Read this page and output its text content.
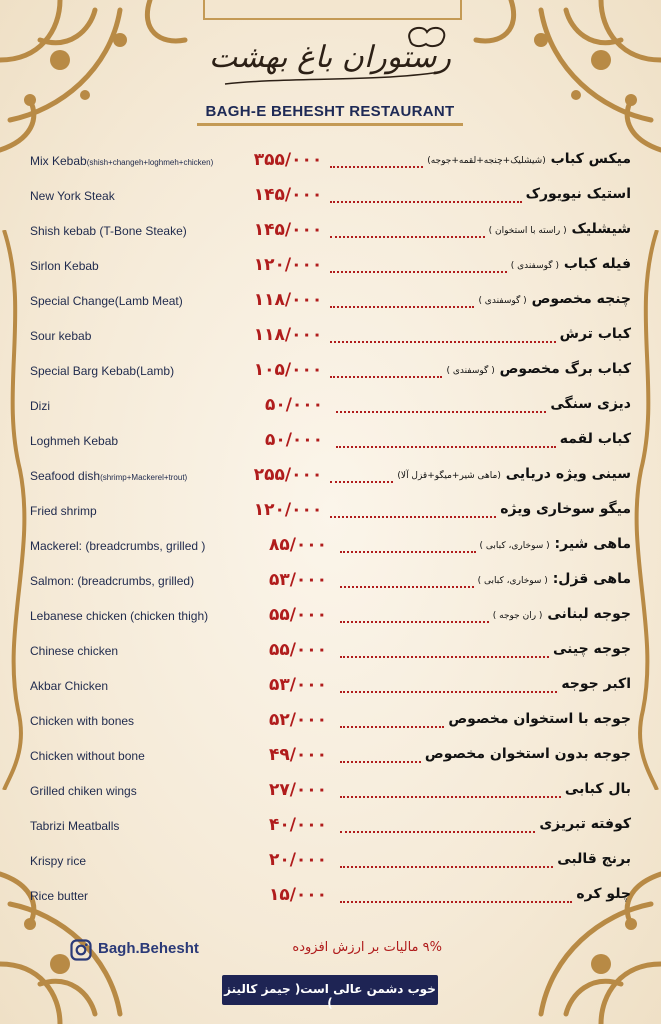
رستوران باغ بهشت
BAGH-E BEHESHT RESTAURANT
Mix Kebab(shish+changeh+loghmeh+chicken)	۳۵۵/۰۰۰	میکس کباب (شیشلیک+چنجه+لقمه+جوجه)
New York Steak	۱۴۵/۰۰۰	استیک نیویورک
Shish kebab (T-Bone Steake)	۱۴۵/۰۰۰	شیشلیک ( راسته با استخوان )
Sirlon Kebab	۱۲۰/۰۰۰	فیله کباب ( گوسفندی )
Special Change(Lamb Meat)	۱۱۸/۰۰۰	چنجه مخصوص ( گوسفندی )
Sour kebab	۱۱۸/۰۰۰	کباب ترش
Special Barg Kebab(Lamb)	۱۰۵/۰۰۰	کباب برگ مخصوص ( گوسفندی )
Dizi	۵۰/۰۰۰	دیزی سنگی
Loghmeh Kebab	۵۰/۰۰۰	کباب لقمه
Seafood dish(shrimp+Mackerel+trout)	۲۵۵/۰۰۰	سینی ویژه دریایی (ماهی شیر+میگو+قزل آلا)
Fried shrimp	۱۲۰/۰۰۰	میگو سوخاری ویژه
Mackerel: (breadcrumbs, grilled )	۸۵/۰۰۰	ماهی شیر: ( سوخاری، کبابی )
Salmon: (breadcrumbs, grilled)	۵۳/۰۰۰	ماهی قزل: ( سوخاری، کبابی )
Lebanese chicken (chicken thigh)	۵۵/۰۰۰	جوجه لبنانی ( ران جوجه )
Chinese chicken	۵۵/۰۰۰	جوجه چینی
Akbar Chicken	۵۳/۰۰۰	اکبر جوجه
Chicken with bones	۵۲/۰۰۰	جوجه با استخوان مخصوص
Chicken without bone	۴۹/۰۰۰	جوجه بدون استخوان مخصوص
Grilled chiken wings	۲۷/۰۰۰	بال کبابی
Tabrizi Meatballs	۴۰/۰۰۰	کوفته تبریزی
Krispy rice	۲۰/۰۰۰	برنج قالبی
Rice butter	۱۵/۰۰۰	چلو کره
Bagh.Behesht	۹% مالیات بر ارزش افزوده
خوب دشمن عالی است( جیمز کالینز )
